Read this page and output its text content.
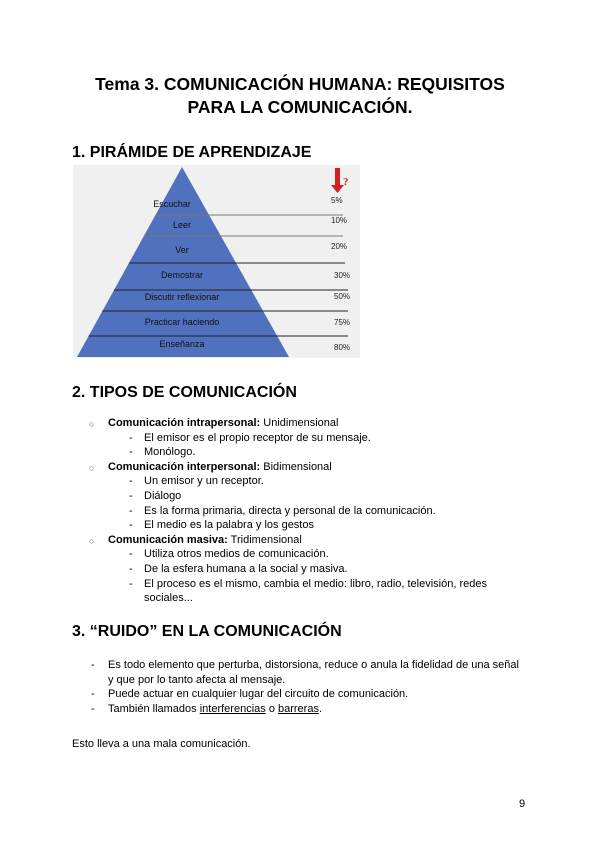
Tema 3. COMUNICACIÓN HUMANA: REQUISITOS
PARA LA COMUNICACIÓN.
1. PIRÁMIDE DE APRENDIZAJE
Escuchar	5%
Leer	10%
Ver	20%
Demostrar	30%
Discutir reflexionar	50%
Practicar haciendo	75%
Enseñanza	80%
?
2. TIPOS DE COMUNICACIÓN
○ Comunicación intrapersonal: Unidimensional
- El emisor es el propio receptor de su mensaje.
- Monólogo.
○ Comunicación interpersonal: Bidimensional
- Un emisor y un receptor.
- Diálogo
- Es la forma primaria, directa y personal de la comunicación.
- El medio es la palabra y los gestos
○ Comunicación masiva: Tridimensional
- Utiliza otros medios de comunicación.
- De la esfera humana a la social y masiva.
- El proceso es el mismo, cambia el medio: libro, radio, televisión, redes
sociales...
3. “RUIDO” EN LA COMUNICACIÓN
- Es todo elemento que perturba, distorsiona, reduce o anula la fidelidad de una señal
y que por lo tanto afecta al mensaje.
- Puede actuar en cualquier lugar del circuito de comunicación.
- También llamados interferencias o barreras.
Esto lleva a una mala comunicación.
9
